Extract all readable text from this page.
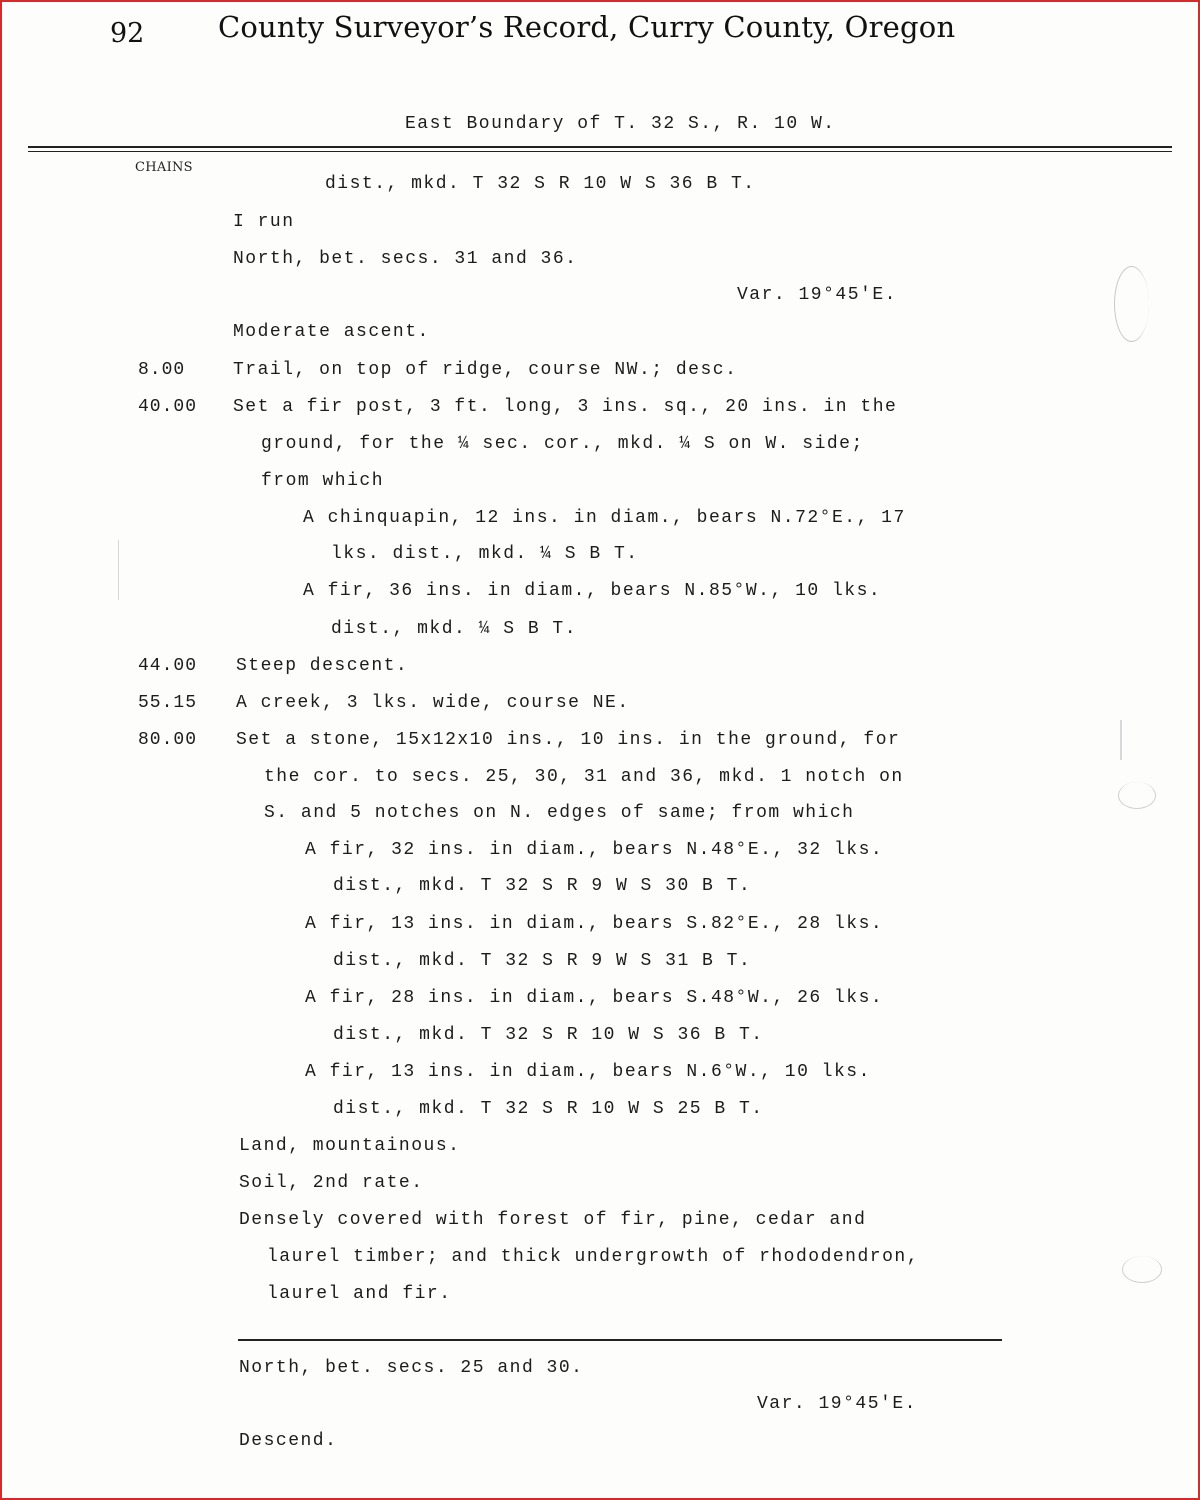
92	County Surveyor’s Record, Curry County, Oregon
East Boundary of T. 32 S., R. 10 W.
CHAINS
8.00
40.00
44.00
55.15
80.00
dist., mkd. T 32 S R 10 W S 36 B T.
I run
North, bet. secs. 31 and 36.
Var. 19°45'E.
Moderate ascent.
Trail, on top of ridge, course NW.; desc.
Set a fir post, 3 ft. long, 3 ins. sq., 20 ins. in the
ground, for the ¼ sec. cor., mkd. ¼ S on W. side;
from which
A chinquapin, 12 ins. in diam., bears N.72°E., 17
lks. dist., mkd. ¼ S B T.
A fir, 36 ins. in diam., bears N.85°W., 10 lks.
dist., mkd. ¼ S B T.
Steep descent.
A creek, 3 lks. wide, course NE.
Set a stone, 15x12x10 ins., 10 ins. in the ground, for
the cor. to secs. 25, 30, 31 and 36, mkd. 1 notch on
S. and 5 notches on N. edges of same; from which
A fir, 32 ins. in diam., bears N.48°E., 32 lks.
dist., mkd. T 32 S R 9 W S 30 B T.
A fir, 13 ins. in diam., bears S.82°E., 28 lks.
dist., mkd. T 32 S R 9 W S 31 B T.
A fir, 28 ins. in diam., bears S.48°W., 26 lks.
dist., mkd. T 32 S R 10 W S 36 B T.
A fir, 13 ins. in diam., bears N.6°W., 10 lks.
dist., mkd. T 32 S R 10 W S 25 B T.
Land, mountainous.
Soil, 2nd rate.
Densely covered with forest of fir, pine, cedar and
laurel timber; and thick undergrowth of rhododendron,
laurel and fir.
North, bet. secs. 25 and 30.
Var. 19°45'E.
Descend.
